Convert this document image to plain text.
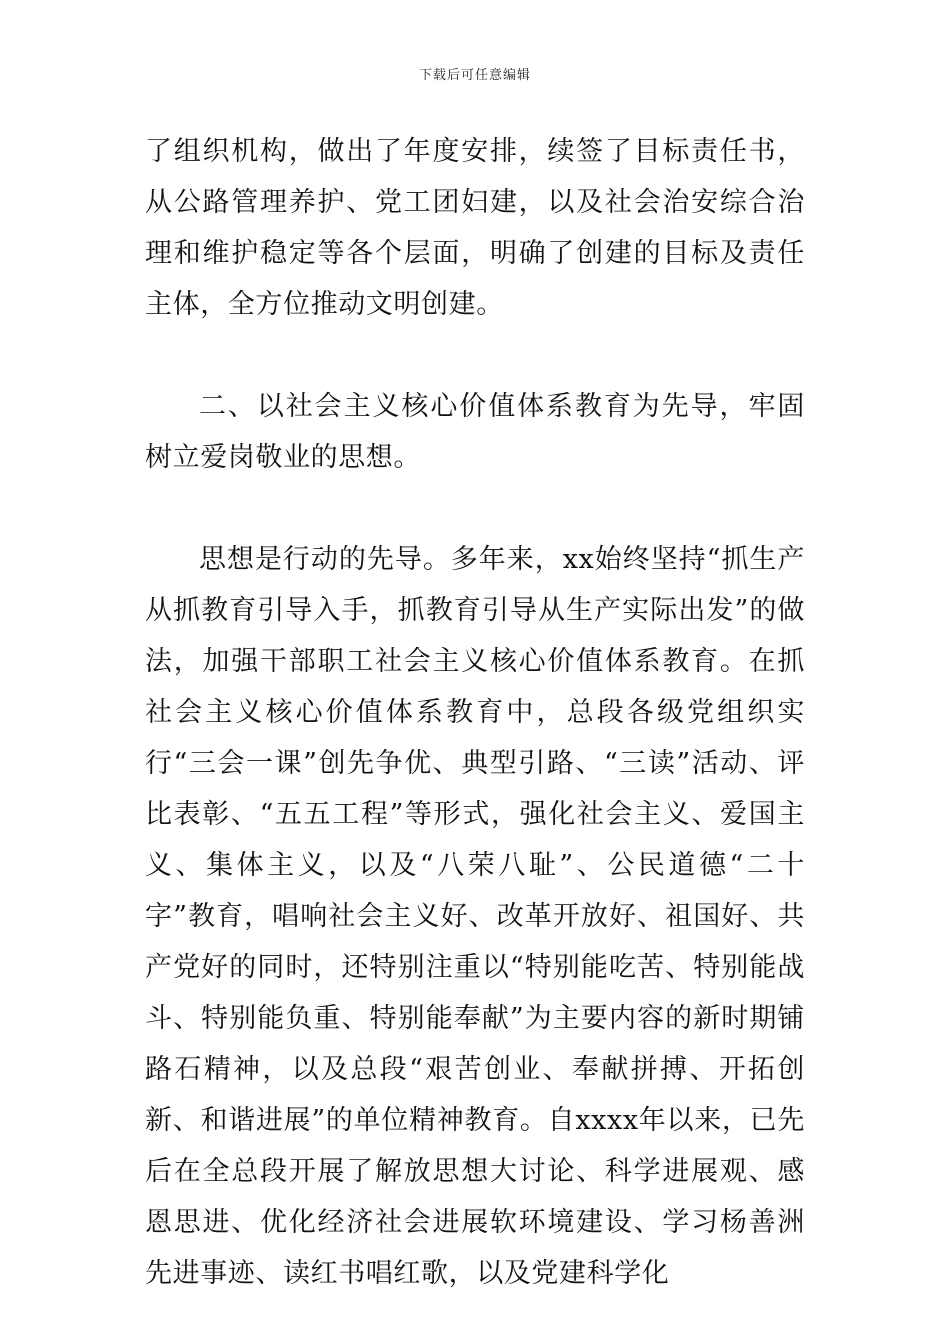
下载后可任意编辑

了组织机构，做出了年度安排，续签了目标责任书，从公路管理养护、党工团妇建，以及社会治安综合治理和维护稳定等各个层面，明确了创建的目标及责任主体，全方位推动文明创建。

二、以社会主义核心价值体系教育为先导，牢固树立爱岗敬业的思想。

思想是行动的先导。多年来，xx始终坚持“抓生产从抓教育引导入手，抓教育引导从生产实际出发”的做法，加强干部职工社会主义核心价值体系教育。在抓社会主义核心价值体系教育中，总段各级党组织实行“三会一课”创先争优、典型引路、“三读”活动、评比表彰、“五五工程”等形式，强化社会主义、爱国主义、集体主义，以及“八荣八耻”、公民道德“二十字”教育，唱响社会主义好、改革开放好、祖国好、共产党好的同时，还特别注重以“特别能吃苦、特别能战斗、特别能负重、特别能奉献”为主要内容的新时期铺路石精神，以及总段“艰苦创业、奉献拼搏、开拓创新、和谐进展”的单位精神教育。自xxxx年以来，已先后在全总段开展了解放思想大讨论、科学进展观、感恩思进、优化经济社会进展软环境建设、学习杨善洲先进事迹、读红书唱红歌，以及党建科学化
